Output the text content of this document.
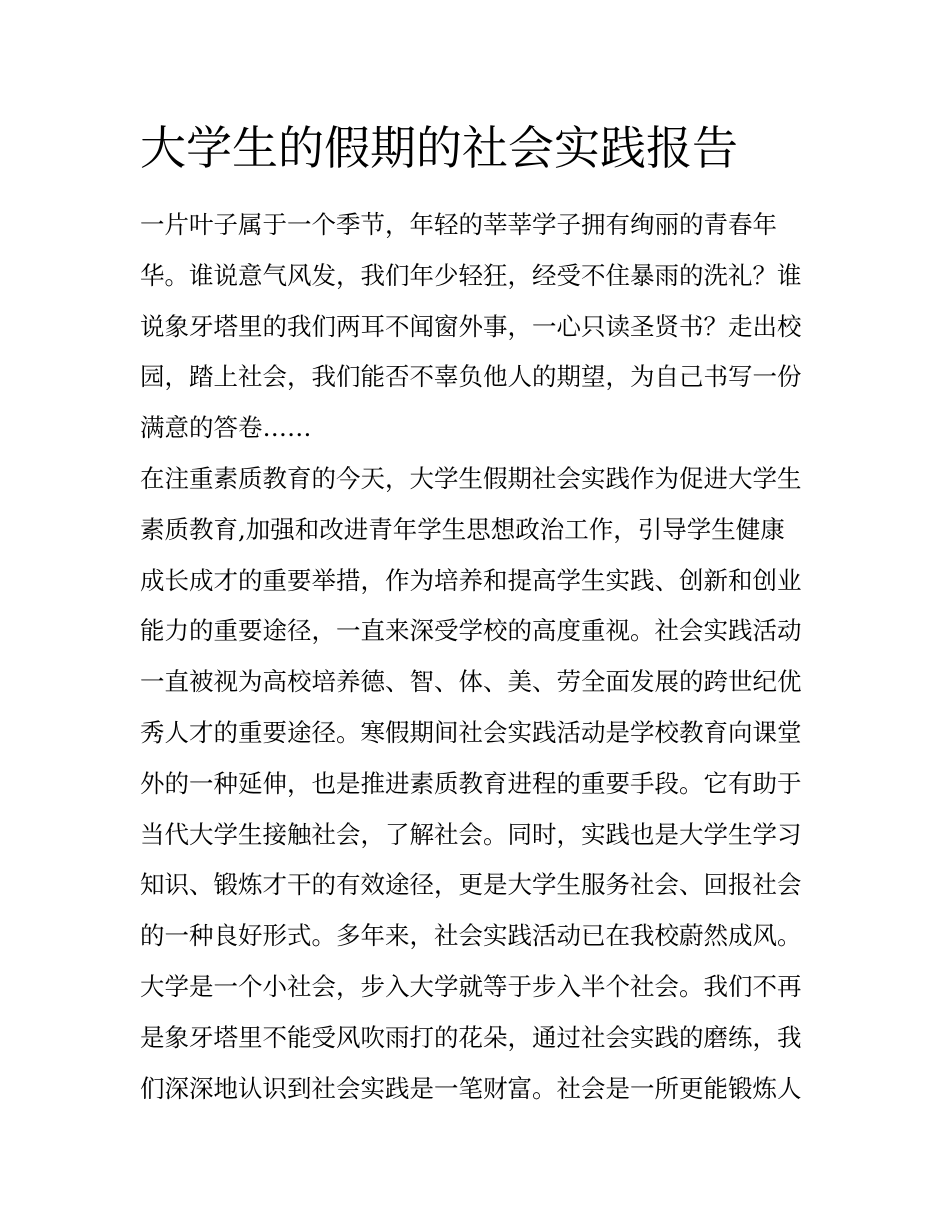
大学生的假期的社会实践报告
一片叶子属于一个季节，年轻的莘莘学子拥有绚丽的青春年
华。谁说意气风发，我们年少轻狂，经受不住暴雨的洗礼？谁
说象牙塔里的我们两耳不闻窗外事，一心只读圣贤书？走出校
园，踏上社会，我们能否不辜负他人的期望，为自己书写一份
满意的答卷……
在注重素质教育的今天，大学生假期社会实践作为促进大学生
素质教育,加强和改进青年学生思想政治工作，引导学生健康
成长成才的重要举措，作为培养和提高学生实践、创新和创业
能力的重要途径，一直来深受学校的高度重视。社会实践活动
一直被视为高校培养德、智、体、美、劳全面发展的跨世纪优
秀人才的重要途径。寒假期间社会实践活动是学校教育向课堂
外的一种延伸，也是推进素质教育进程的重要手段。它有助于
当代大学生接触社会，了解社会。同时，实践也是大学生学习
知识、锻炼才干的有效途径，更是大学生服务社会、回报社会
的一种良好形式。多年来，社会实践活动已在我校蔚然成风。
大学是一个小社会，步入大学就等于步入半个社会。我们不再
是象牙塔里不能受风吹雨打的花朵，通过社会实践的磨练，我
们深深地认识到社会实践是一笔财富。社会是一所更能锻炼人
